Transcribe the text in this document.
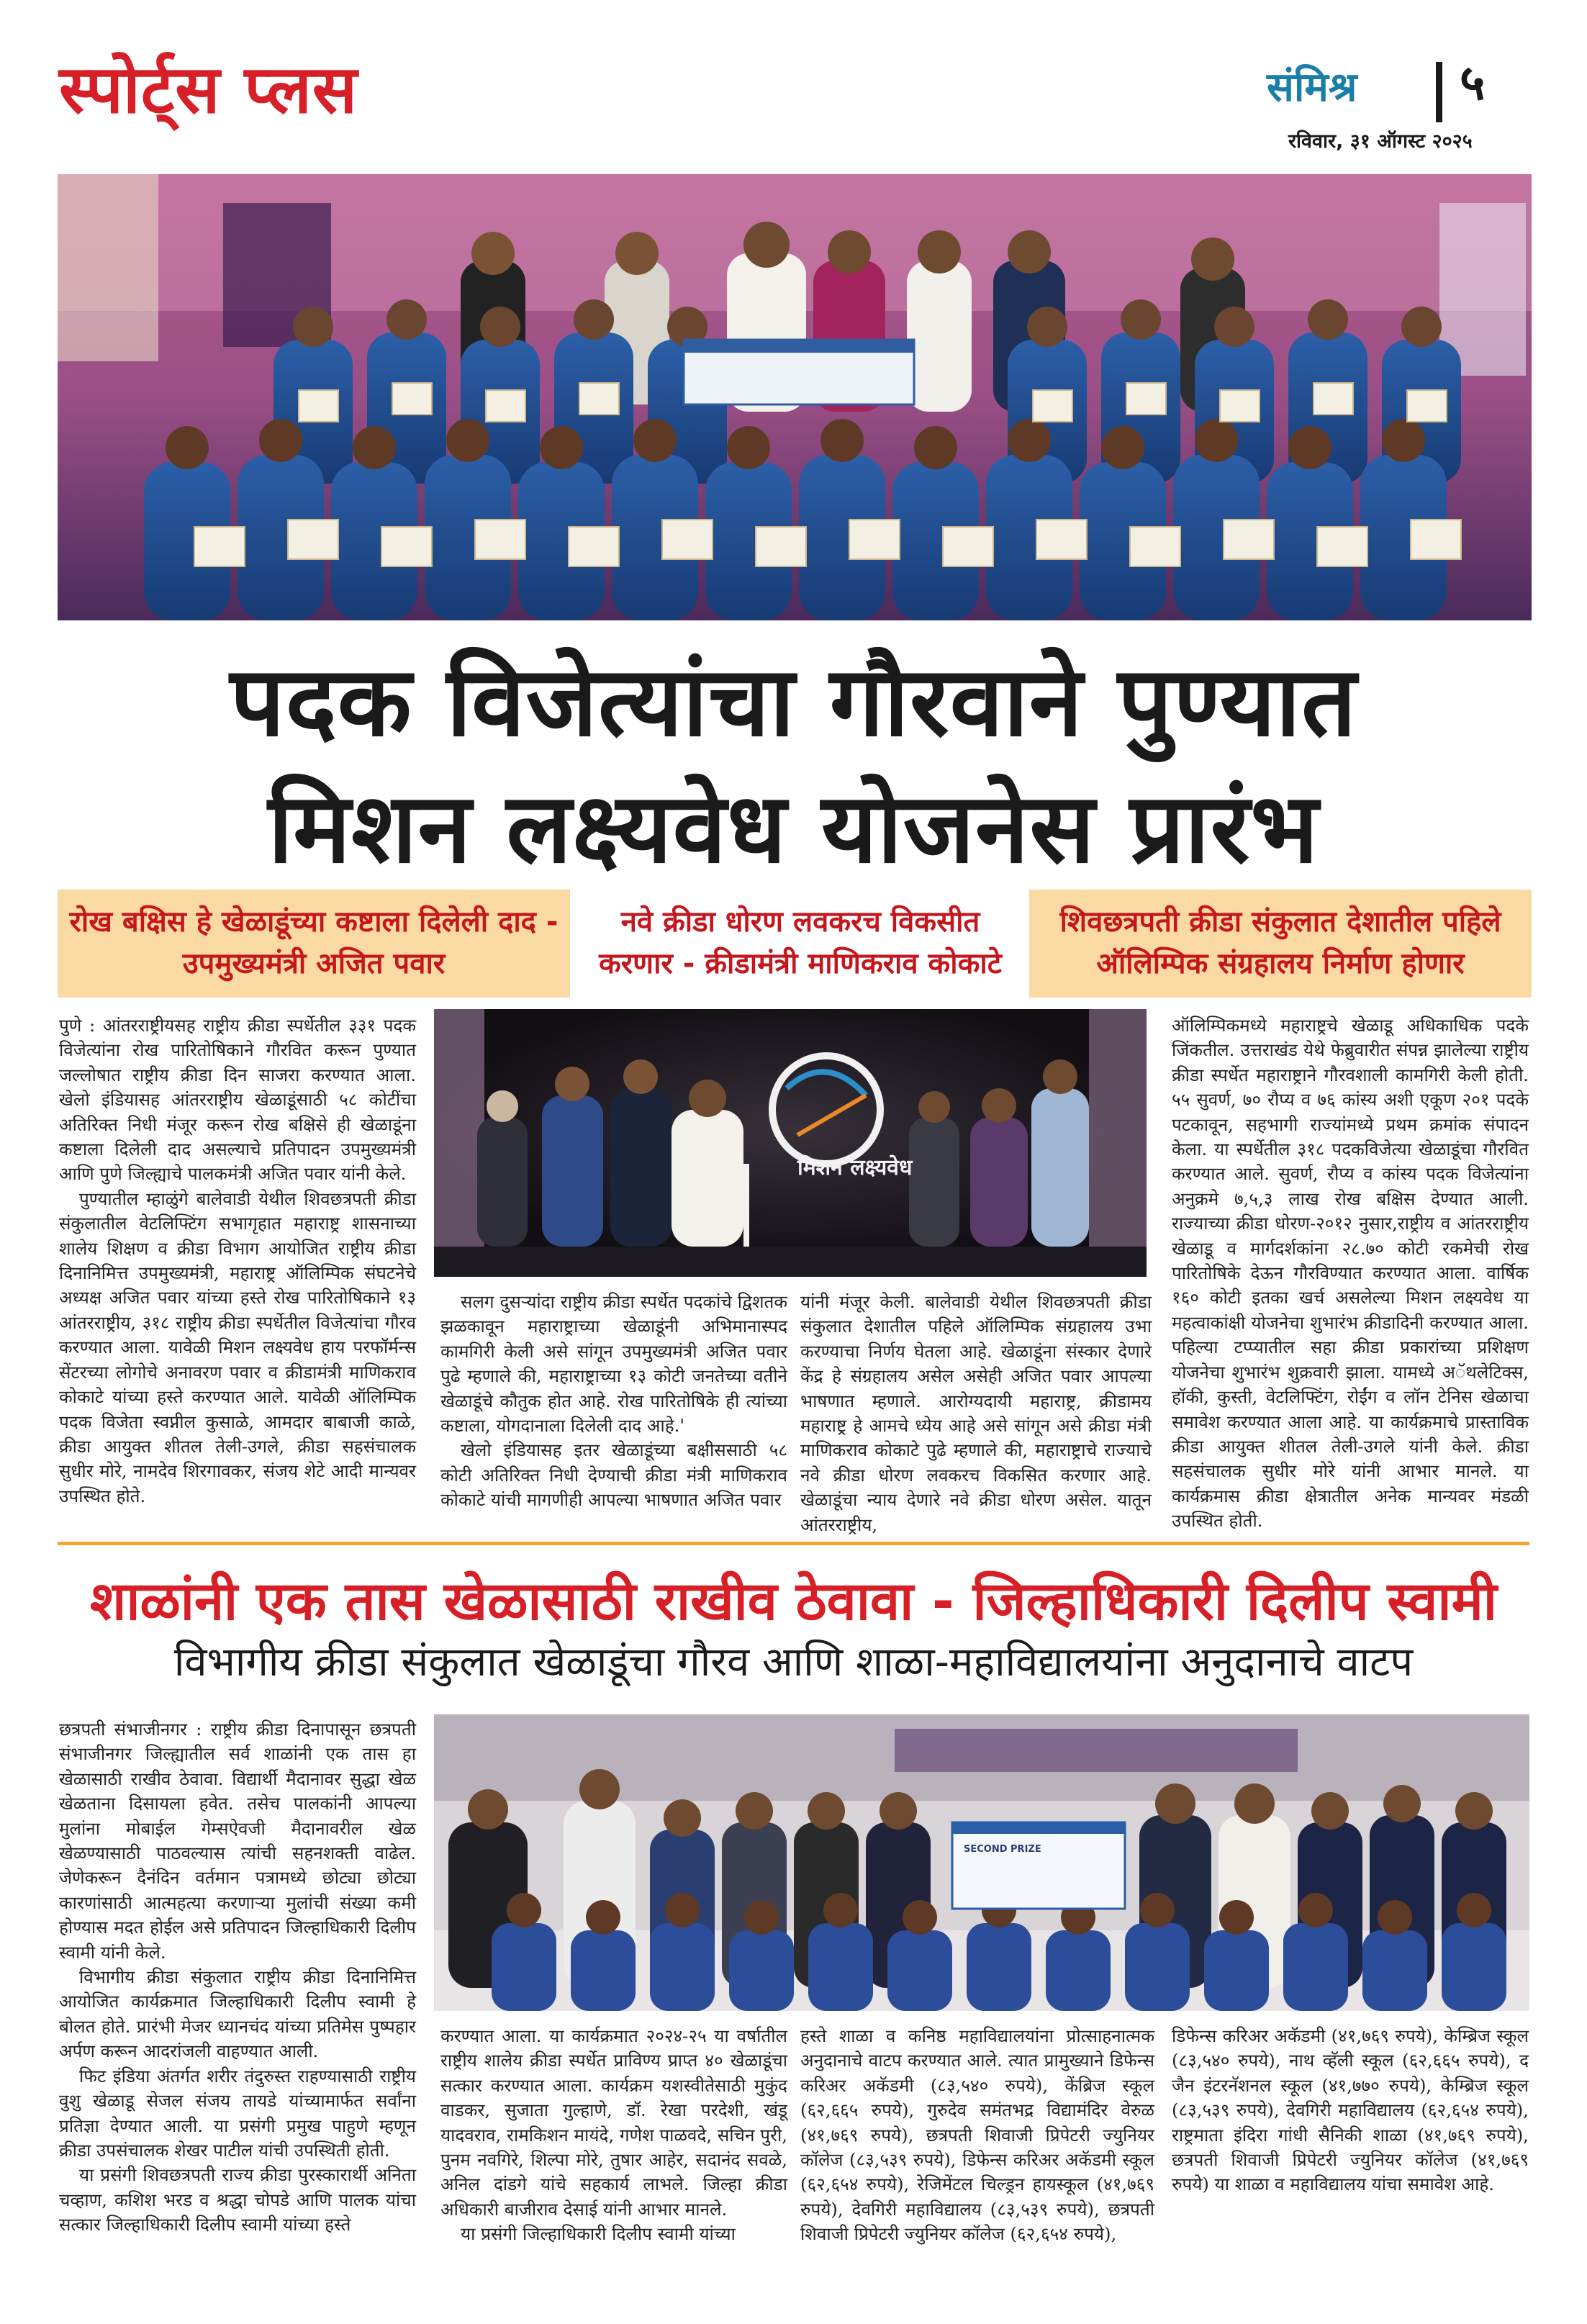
स्पोर्ट्स प्लस	संमिश्र ५
रविवार, ३१ ऑगस्ट २०२५
पदक विजेत्यांचा गौरवाने पुण्यात
मिशन लक्ष्यवेध योजनेस प्रारंभ
रोख बक्षिस हे खेळाडूंच्या कष्टाला दिलेली दाद - उपमुख्यमंत्री अजित पवार
नवे क्रीडा धोरण लवकरच विकसीत करणार - क्रीडामंत्री माणिकराव कोकाटे
शिवछत्रपती क्रीडा संकुलात देशातील पहिले ऑलिम्पिक संग्रहालय निर्माण होणार

पुणे : आंतरराष्ट्रीयसह राष्ट्रीय क्रीडा स्पर्धेतील ३३१ पदक विजेत्यांना रोख पारितोषिकाने गौरवित करून पुण्यात जल्लोषात राष्ट्रीय क्रीडा दिन साजरा करण्यात आला. खेलो इंडियासह आंतरराष्ट्रीय खेळाडूंसाठी ५८ कोटींचा अतिरिक्त निधी मंजूर करून रोख बक्षिसे ही खेळाडूंना कष्टाला दिलेली दाद असल्याचे प्रतिपादन उपमुख्यमंत्री आणि पुणे जिल्ह्याचे पालकमंत्री अजित पवार यांनी केले.

पुण्यातील म्हाळुंगे बालेवाडी येथील शिवछत्रपती क्रीडा संकुलातील वेटलिफ्टिंग सभागृहात महाराष्ट्र शासनाच्या शालेय शिक्षण व क्रीडा विभाग आयोजित राष्ट्रीय क्रीडा दिनानिमित्त उपमुख्यमंत्री, महाराष्ट्र ऑलिम्पिक संघटनेचे अध्यक्ष अजित पवार यांच्या हस्ते रोख पारितोषिकाने १३ आंतरराष्ट्रीय, ३१८ राष्ट्रीय क्रीडा स्पर्धेतील विजेत्यांचा गौरव करण्यात आला. यावेळी मिशन लक्ष्यवेध हाय परफॉर्मन्स सेंटरच्या लोगोचे अनावरण पवार व क्रीडामंत्री माणिकराव कोकाटे यांच्या हस्ते करण्यात आले. यावेळी ऑलिम्पिक पदक विजेता स्वप्नील कुसाळे, आमदार बाबाजी काळे, क्रीडा आयुक्त शीतल तेली-उगले, क्रीडा सहसंचालक सुधीर मोरे, नामदेव शिरगावकर, संजय शेटे आदी मान्यवर उपस्थित होते.

मिशन लक्ष्यवेध

सलग दुसऱ्यांदा राष्ट्रीय क्रीडा स्पर्धेत पदकांचे द्विशतक झळकावून महाराष्ट्राच्या खेळाडूंनी अभिमानास्पद कामगिरी केली असे सांगून उपमुख्यमंत्री अजित पवार पुढे म्हणाले की, महाराष्ट्राच्या १३ कोटी जनतेच्या वतीने खेळाडूंचे कौतुक होत आहे. रोख पारितोषिके ही त्यांच्या कष्टाला, योगदानाला दिलेली दाद आहे.'

खेलो इंडियासह इतर खेळाडूंच्या बक्षीससाठी ५८ कोटी अतिरिक्त निधी देण्याची क्रीडा मंत्री माणिकराव कोकाटे यांची मागणीही आपल्या भाषणात अजित पवार

यांनी मंजूर केली. बालेवाडी येथील शिवछत्रपती क्रीडा संकुलात देशातील पहिले ऑलिम्पिक संग्रहालय उभा करण्याचा निर्णय घेतला आहे. खेळाडूंना संस्कार देणारे केंद्र हे संग्रहालय असेल असेही अजित पवार आपल्या भाषणात म्हणाले. आरोग्यदायी महाराष्ट्र, क्रीडामय महाराष्ट्र हे आमचे ध्येय आहे असे सांगून असे क्रीडा मंत्री माणिकराव कोकाटे पुढे म्हणाले की, महाराष्ट्राचे राज्याचे नवे क्रीडा धोरण लवकरच विकसित करणार आहे. खेळाडूंचा न्याय देणारे नवे क्रीडा धोरण असेल. यातून आंतरराष्ट्रीय,

ऑलिम्पिकमध्ये महाराष्ट्रचे खेळाडू अधिकाधिक पदके जिंकतील. उत्तराखंड येथे फेब्रुवारीत संपन्न झालेल्या राष्ट्रीय क्रीडा स्पर्धेत महाराष्ट्राने गौरवशाली कामगिरी केली होती. ५५ सुवर्ण, ७० रौप्य व ७६ कांस्य अशी एकूण २०१ पदके पटकावून, सहभागी राज्यांमध्ये प्रथम क्रमांक संपादन केला. या स्पर्धेतील ३१८ पदकविजेत्या खेळाडूंचा गौरवित करण्यात आले. सुवर्ण, रौप्य व कांस्य पदक विजेत्यांना अनुक्रमे ७,५,३ लाख रोख बक्षिस देण्यात आली. राज्याच्या क्रीडा धोरण-२०१२ नुसार,राष्ट्रीय व आंतरराष्ट्रीय खेळाडू व मार्गदर्शकांना २८.७० कोटी रकमेची रोख पारितोषिके देऊन गौरविण्यात करण्यात आला. वार्षिक १६० कोटी इतका खर्च असलेल्या मिशन लक्ष्यवेध या महत्वाकांक्षी योजनेचा शुभारंभ क्रीडादिनी करण्यात आला. पहिल्या टप्प्यातील सहा क्रीडा प्रकारांच्या प्रशिक्षण योजनेचा शुभारंभ शुक्रवारी झाला. यामध्ये अॅथलेटिक्स, हॉकी, कुस्ती, वेटलिफ्टिंग, रोईंग व लॉन टेनिस खेळाचा समावेश करण्यात आला आहे. या कार्यक्रमाचे प्रास्ताविक क्रीडा आयुक्त शीतल तेली-उगले यांनी केले. क्रीडा सहसंचालक सुधीर मोरे यांनी आभार मानले. या कार्यक्रमास क्रीडा क्षेत्रातील अनेक मान्यवर मंडळी उपस्थित होती.

शाळांनी एक तास खेळासाठी राखीव ठेवावा - जिल्हाधिकारी दिलीप स्वामी
विभागीय क्रीडा संकुलात खेळाडूंचा गौरव आणि शाळा-महाविद्यालयांना अनुदानाचे वाटप

छत्रपती संभाजीनगर : राष्ट्रीय क्रीडा दिनापासून छत्रपती संभाजीनगर जिल्ह्यातील सर्व शाळांनी एक तास हा खेळासाठी राखीव ठेवावा. विद्यार्थी मैदानावर सुद्धा खेळ खेळताना दिसायला हवेत. तसेच पालकांनी आपल्या मुलांना मोबाईल गेम्सऐवजी मैदानावरील खेळ खेळण्यासाठी पाठवल्यास त्यांची सहनशक्ती वाढेल. जेणेकरून दैनंदिन वर्तमान पत्रामध्ये छोट्या छोट्या कारणांसाठी आत्महत्या करणाऱ्या मुलांची संख्या कमी होण्यास मदत होईल असे प्रतिपादन जिल्हाधिकारी दिलीप स्वामी यांनी केले.

विभागीय क्रीडा संकुलात राष्ट्रीय क्रीडा दिनानिमित्त आयोजित कार्यक्रमात जिल्हाधिकारी दिलीप स्वामी हे बोलत होते. प्रारंभी मेजर ध्यानचंद यांच्या प्रतिमेस पुष्पहार अर्पण करून आदरांजली वाहण्यात आली.

फिट इंडिया अंतर्गत शरीर तंदुरुस्त राहण्यासाठी राष्ट्रीय वुशु खेळाडू सेजल संजय तायडे यांच्यामार्फत सर्वांना प्रतिज्ञा देण्यात आली. या प्रसंगी प्रमुख पाहुणे म्हणून क्रीडा उपसंचालक शेखर पाटील यांची उपस्थिती होती.

या प्रसंगी शिवछत्रपती राज्य क्रीडा पुरस्कारार्थी अनिता चव्हाण, कशिश भरड व श्रद्धा चोपडे आणि पालक यांचा सत्कार जिल्हाधिकारी दिलीप स्वामी यांच्या हस्ते

SECOND PRIZE

करण्यात आला. या कार्यक्रमात २०२४-२५ या वर्षातील राष्ट्रीय शालेय क्रीडा स्पर्धेत प्राविण्य प्राप्त ४० खेळाडूंचा सत्कार करण्यात आला. कार्यक्रम यशस्वीतेसाठी मुकुंद वाडकर, सुजाता गुल्हाणे, डॉ. रेखा परदेशी, खंडू यादवराव, रामकिशन मायंदे, गणेश पाळवदे, सचिन पुरी, पुनम नवगिरे, शिल्पा मोरे, तुषार आहेर, सदानंद सवळे, अनिल दांडगे यांचे सहकार्य लाभले. जिल्हा क्रीडा अधिकारी बाजीराव देसाई यांनी आभार मानले.

या प्रसंगी जिल्हाधिकारी दिलीप स्वामी यांच्या

हस्ते शाळा व कनिष्ठ महाविद्यालयांना प्रोत्साहनात्मक अनुदानाचे वाटप करण्यात आले. त्यात प्रामुख्याने डिफेन्स करिअर अकॅडमी (८३,५४० रुपये), केंब्रिज स्कूल (६२,६६५ रुपये), गुरुदेव समंतभद्र विद्यामंदिर वेरुळ (४१,७६९ रुपये), छत्रपती शिवाजी प्रिपेटरी ज्युनियर कॉलेज (८३,५३९ रुपये), डिफेन्स करिअर अकॅडमी स्कूल (६२,६५४ रुपये), रेजिमेंटल चिल्ड्रन हायस्कूल (४१,७६९ रुपये), देवगिरी महाविद्यालय (८३,५३९ रुपये), छत्रपती शिवाजी प्रिपेटरी ज्युनियर कॉलेज (६२,६५४ रुपये),

डिफेन्स करिअर अकॅडमी (४१,७६९ रुपये), केम्ब्रिज स्कूल (८३,५४० रुपये), नाथ व्हॅली स्कूल (६२,६६५ रुपये), द जैन इंटरनॅशनल स्कूल (४१,७७० रुपये), केम्ब्रिज स्कूल (८३,५३९ रुपये), देवगिरी महाविद्यालय (६२,६५४ रुपये), राष्ट्रमाता इंदिरा गांधी सैनिकी शाळा (४१,७६९ रुपये), छत्रपती शिवाजी प्रिपेटरी ज्युनियर कॉलेज (४१,७६९ रुपये) या शाळा व महाविद्यालय यांचा समावेश आहे.
